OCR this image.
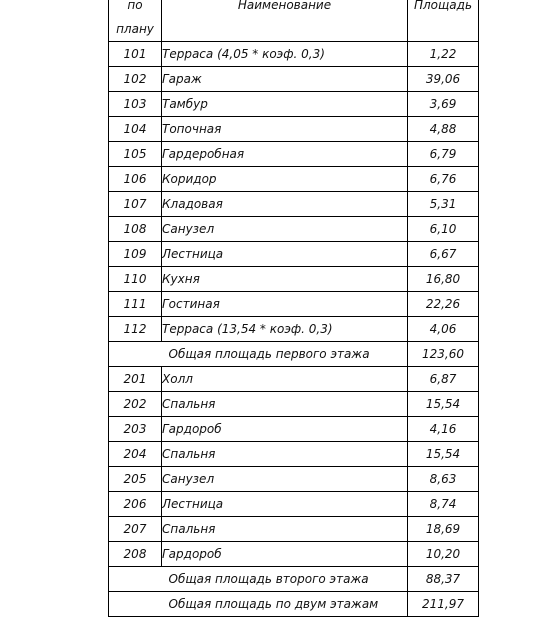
по
плану	Наименование	Площадь
101	Терраса (4,05 * коэф. 0,3)	1,22
102	Гараж	39,06
103	Тамбур	3,69
104	Топочная	4,88
105	Гардеробная	6,79
106	Коридор	6,76
107	Кладовая	5,31
108	Санузел	6,10
109	Лестница	6,67
110	Кухня	16,80
111	Гостиная	22,26
112	Терраса (13,54 * коэф. 0,3)	4,06
	Общая площадь первого этажа	123,60
201	Холл	6,87
202	Спальня	15,54
203	Гардороб	4,16
204	Спальня	15,54
205	Санузел	8,63
206	Лестница	8,74
207	Спальня	18,69
208	Гардороб	10,20
	Общая площадь второго этажа	88,37
	Общая площадь по двум этажам	211,97
